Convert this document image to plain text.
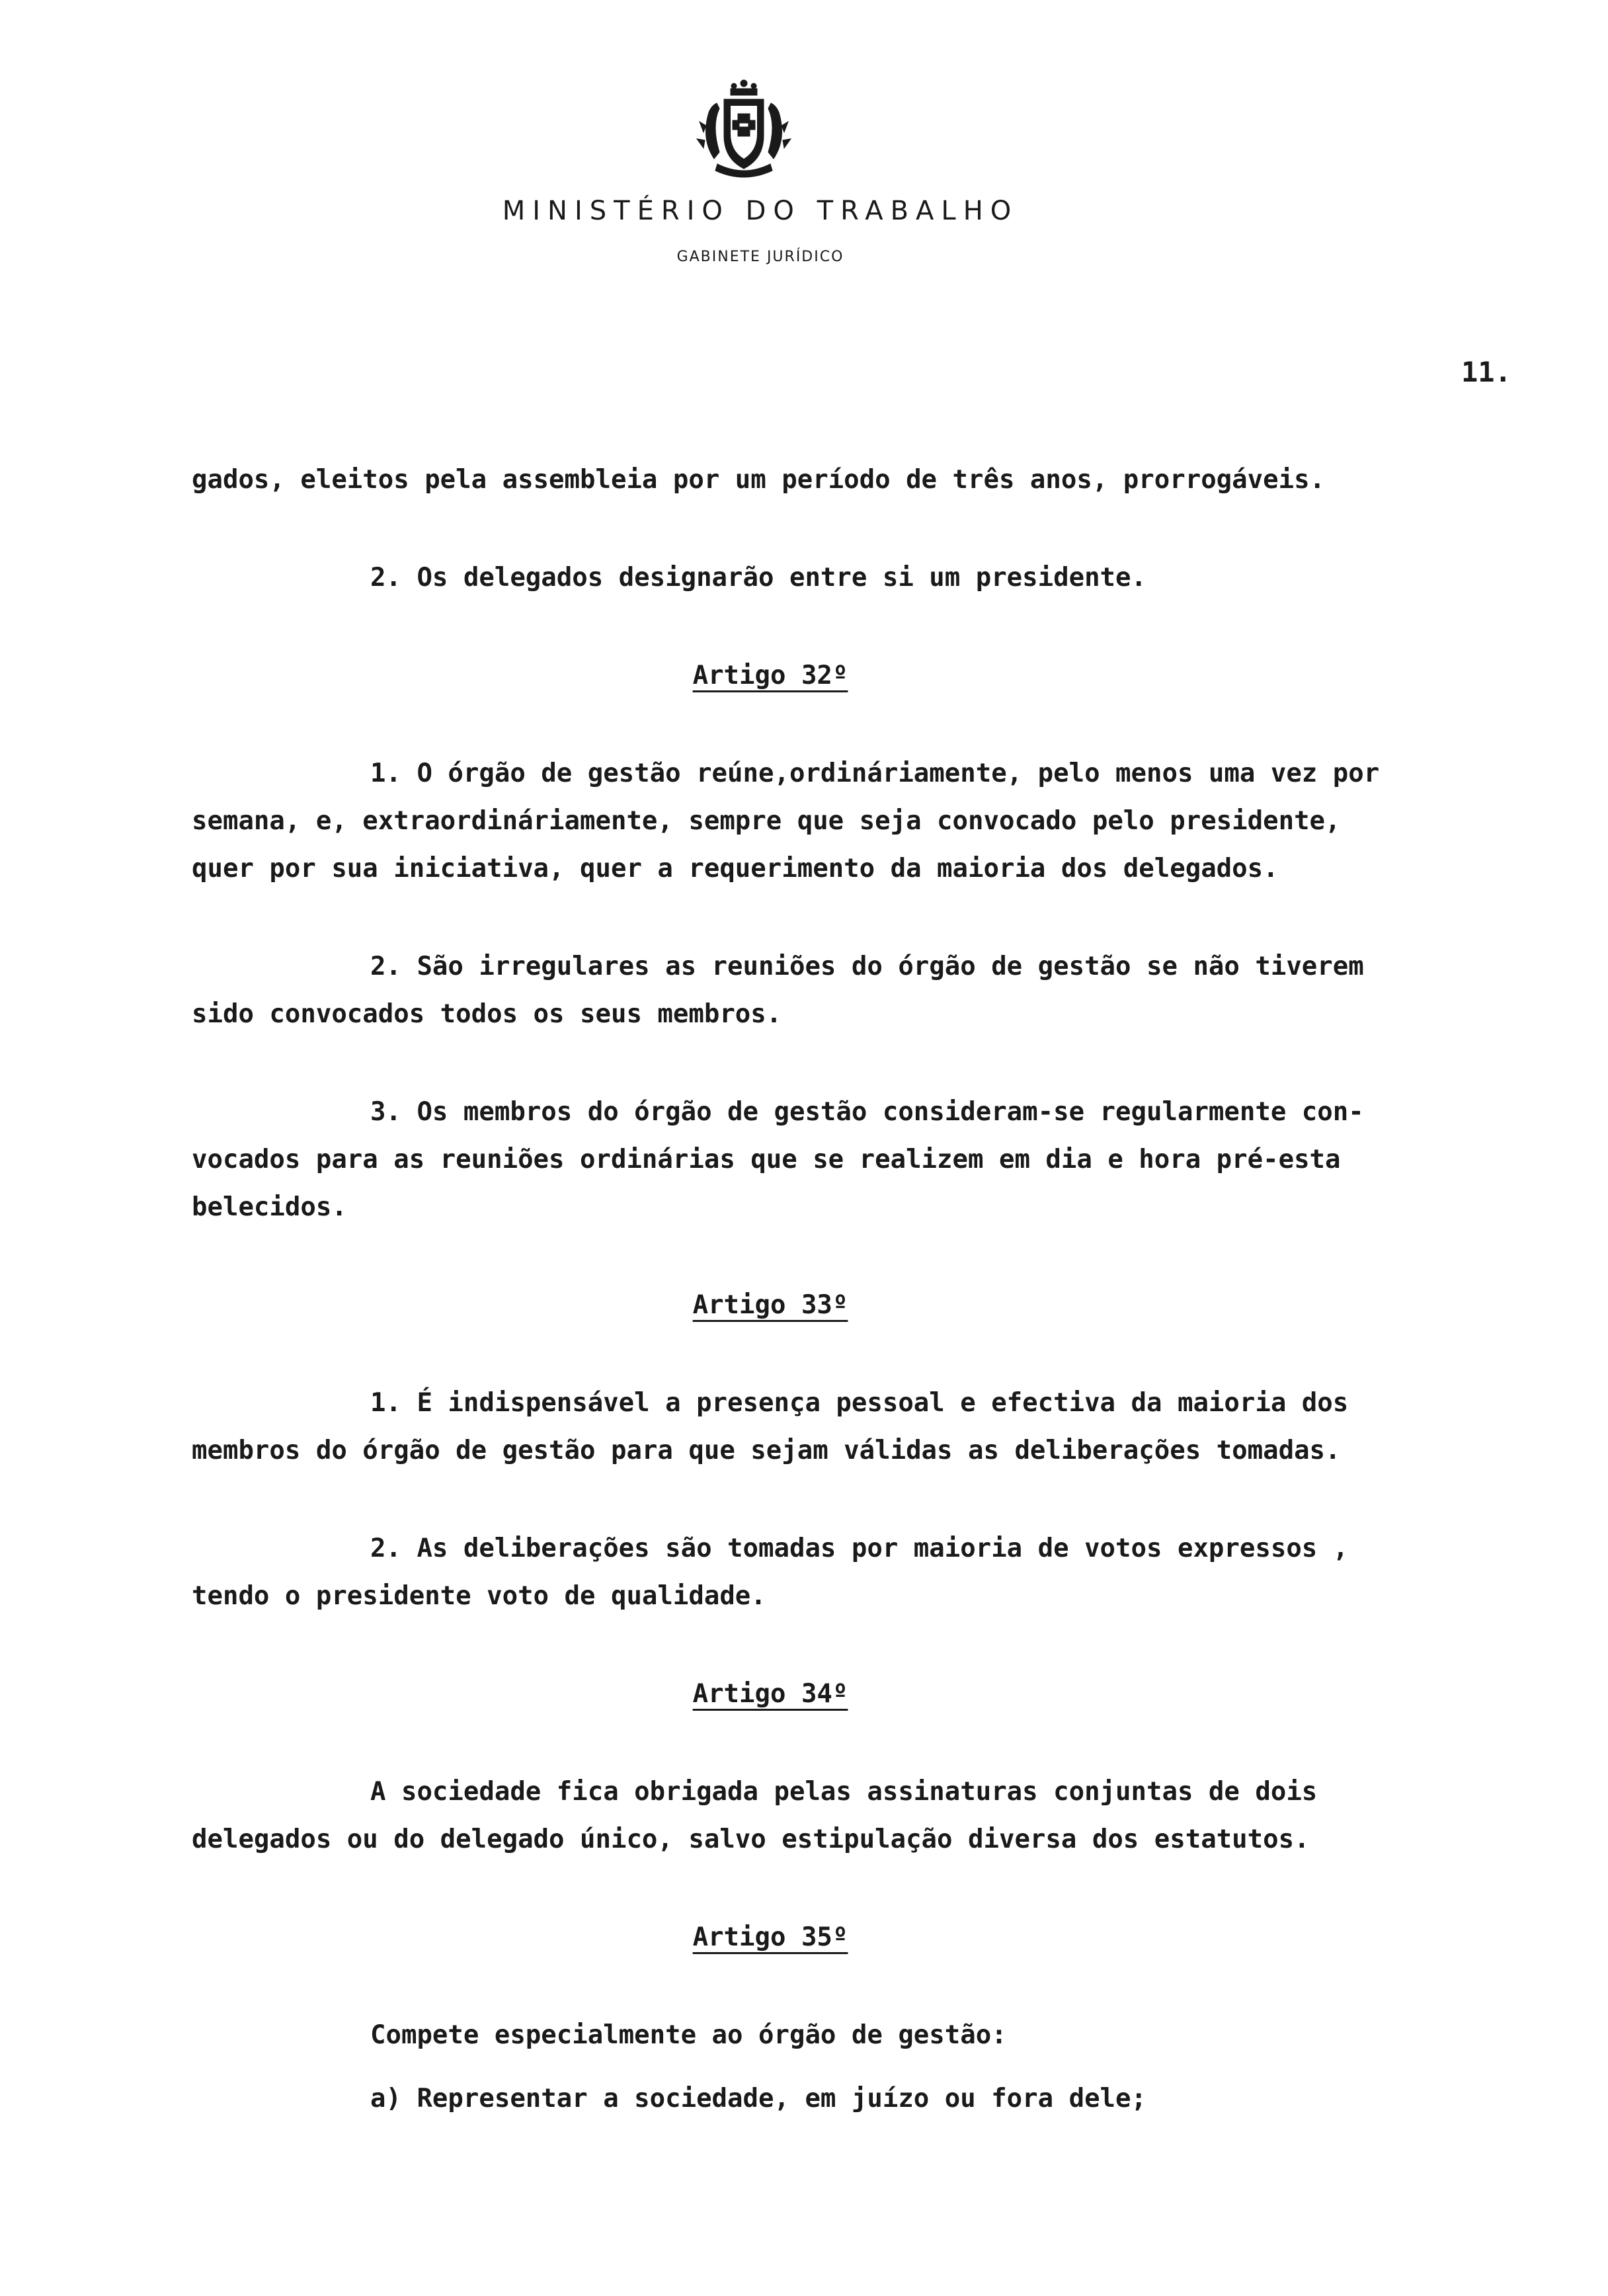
MINISTÉRIO DO TRABALHO
GABINETE JURÍDICO
11.

gados, eleitos pela assembleia por um período de três anos, prorrogáveis.

2. Os delegados designarão entre si um presidente.

Artigo 32º

1. O órgão de gestão reúne,ordináriamente, pelo menos uma vez por

semana, e, extraordináriamente, sempre que seja convocado pelo presidente,

quer por sua iniciativa, quer a requerimento da maioria dos delegados.

2. São irregulares as reuniões do órgão de gestão se não tiverem

sido convocados todos os seus membros.

3. Os membros do órgão de gestão consideram-se regularmente con-

vocados para as reuniões ordinárias que se realizem em dia e hora pré-esta

belecidos.

Artigo 33º

1. É indispensável a presença pessoal e efectiva da maioria dos

membros do órgão de gestão para que sejam válidas as deliberações tomadas.

2. As deliberações são tomadas por maioria de votos expressos ,

tendo o presidente voto de qualidade.

Artigo 34º

A sociedade fica obrigada pelas assinaturas conjuntas de dois

delegados ou do delegado único, salvo estipulação diversa dos estatutos.

Artigo 35º

Compete especialmente ao órgão de gestão:

a) Representar a sociedade, em juízo ou fora dele;
